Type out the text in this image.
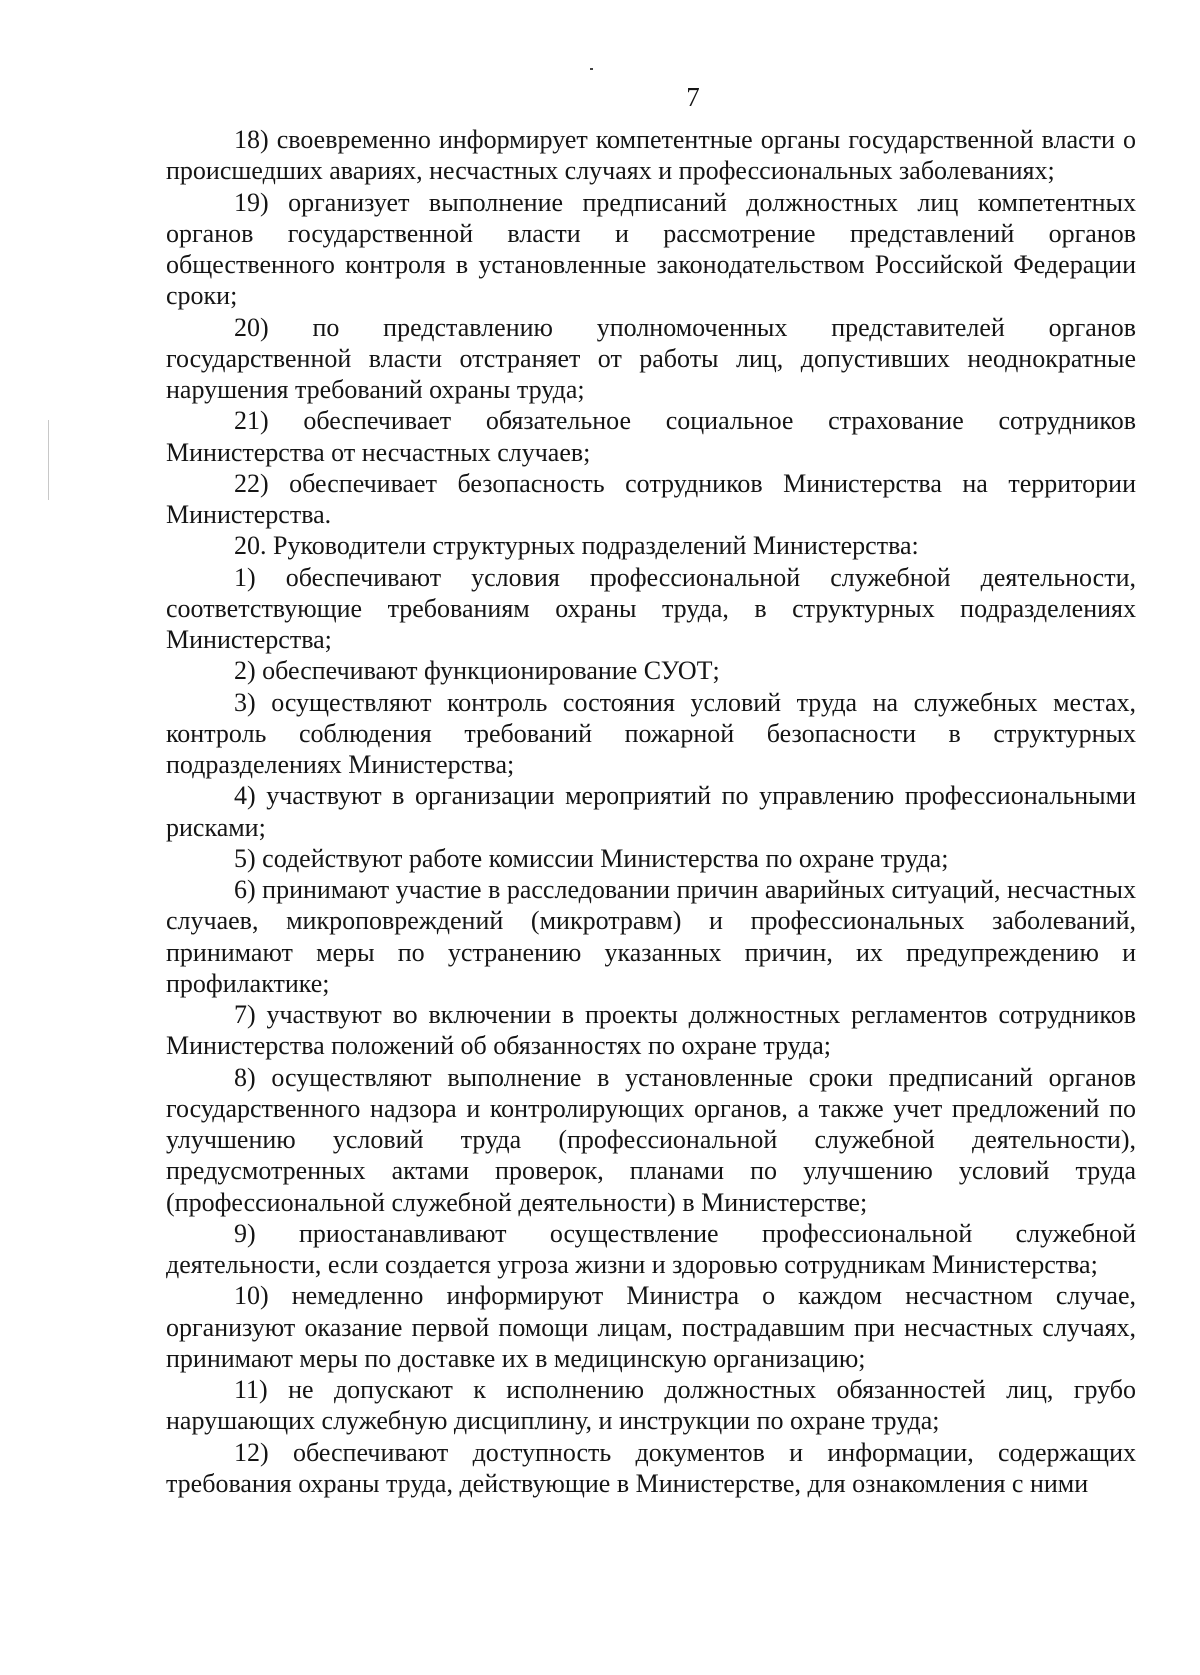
7

18) своевременно информирует компетентные органы государственной власти о происшедших авариях, несчастных случаях и профессиональных заболеваниях;

19) организует выполнение предписаний должностных лиц компетентных органов государственной власти и рассмотрение представлений органов общественного контроля в установленные законодательством Российской Федерации сроки;

20) по представлению уполномоченных представителей органов государственной власти отстраняет от работы лиц, допустивших неоднократные нарушения требований охраны труда;

21) обеспечивает обязательное социальное страхование сотрудников Министерства от несчастных случаев;

22) обеспечивает безопасность сотрудников Министерства на территории Министерства.

20. Руководители структурных подразделений Министерства:

1) обеспечивают условия профессиональной служебной деятельности, соответствующие требованиям охраны труда, в структурных подразделениях Министерства;

2) обеспечивают функционирование СУОТ;

3) осуществляют контроль состояния условий труда на служебных местах, контроль соблюдения требований пожарной безопасности в структурных подразделениях Министерства;

4) участвуют в организации мероприятий по управлению профессиональными рисками;

5) содействуют работе комиссии Министерства по охране труда;

6) принимают участие в расследовании причин аварийных ситуаций, несчастных случаев, микроповреждений (микротравм) и профессиональных заболеваний, принимают меры по устранению указанных причин, их предупреждению и профилактике;

7) участвуют во включении в проекты должностных регламентов сотрудников Министерства положений об обязанностях по охране труда;

8) осуществляют выполнение в установленные сроки предписаний органов государственного надзора и контролирующих органов, а также учет предложений по улучшению условий труда (профессиональной служебной деятельности), предусмотренных актами проверок, планами по улучшению условий труда (профессиональной служебной деятельности) в Министерстве;

9) приостанавливают осуществление профессиональной служебной деятельности, если создается угроза жизни и здоровью сотрудникам Министерства;

10) немедленно информируют Министра о каждом несчастном случае, организуют оказание первой помощи лицам, пострадавшим при несчастных случаях, принимают меры по доставке их в медицинскую организацию;

11) не допускают к исполнению должностных обязанностей лиц, грубо нарушающих служебную дисциплину, и инструкции по охране труда;

12) обеспечивают доступность документов и информации, содержащих требования охраны труда, действующие в Министерстве, для ознакомления с ними
